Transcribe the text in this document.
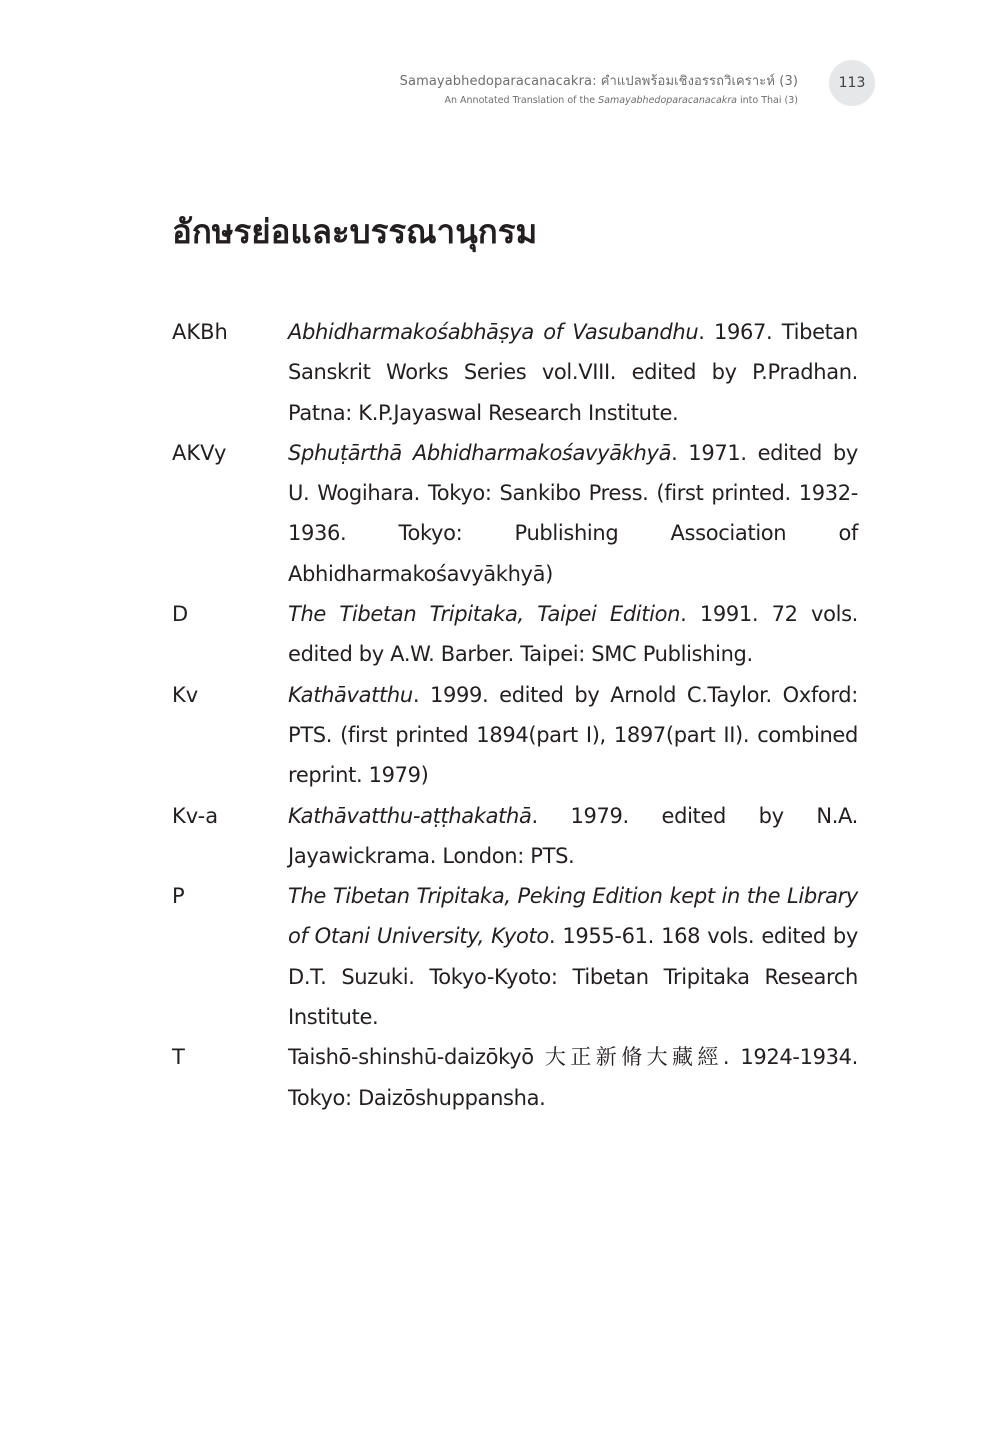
Samayabhedoparacanacakra: คำแปลพร้อมเชิงอรรถวิเคราะห์ (3)
An Annotated Translation of the Samayabhedoparacanacakra into Thai (3)
113
อักษรย่อและบรรณานุกรม
AKBh	Abhidharmakośabhāṣya of Vasubandhu. 1967. Tibetan Sanskrit Works Series vol.VIII. edited by P.Pradhan. Patna: K.P.Jayaswal Research Institute.
AKVy	Sphuṭārthā Abhidharmakośavyākhyā. 1971. edited by U. Wogihara. Tokyo: Sankibo Press. (first printed. 1932-1936. Tokyo: Publishing Association of Abhidharmakośavyākhyā)
D	The Tibetan Tripitaka, Taipei Edition. 1991. 72 vols. edited by A.W. Barber. Taipei: SMC Publishing.
Kv	Kathāvatthu. 1999. edited by Arnold C.Taylor. Oxford: PTS. (first printed 1894(part I), 1897(part II). combined reprint. 1979)
Kv-a	Kathāvatthu-aṭṭhakathā. 1979. edited by N.A. Jayawickrama. London: PTS.
P	The Tibetan Tripitaka, Peking Edition kept in the Library of Otani University, Kyoto. 1955-61. 168 vols. edited by D.T. Suzuki. Tokyo-Kyoto: Tibetan Tripitaka Research Institute.
T	Taishō-shinshū-daizōkyō 大正新脩大藏經. 1924-1934. Tokyo: Daizōshuppansha.
